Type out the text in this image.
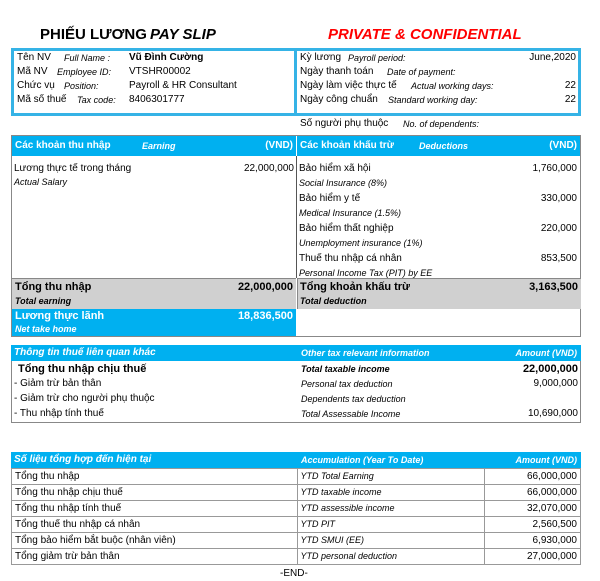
PHIẾU LƯƠNG PAY SLIP	PRIVATE & CONFIDENTIAL
Tên NV Full Name : Vũ Đình Cường
Mã NV Employee ID: VTSHR00002
Chức vụ Position:	Payroll & HR Consultant
Mã số thuế Tax code: 8406301777
Kỳ lương Payroll period:	June,2020
Ngày thanh toán Date of payment:
Ngày làm việc thực tế Actual working days:	22
Ngày công chuẩn Standard working day:	22
Số người phụ thuộc No. of dependents:
Các khoản thu nhập	Earning	(VND) Các khoản khấu trừ	Deductions	(VND)
Lương thực tế trong tháng	22,000,000
Actual Salary
Bảo hiểm xã hội	1,760,000
Social Insurance (8%)
Bảo hiểm y tế	330,000
Medical Insurance (1.5%)
Bảo hiểm thất nghiệp	220,000
Unemployment insurance (1%)
Thuế thu nhập cá nhân	853,500
Personal Income Tax (PIT) by EE
Tổng thu nhập	22,000,000
Total earning
Tổng khoản khấu trừ	3,163,500
Total deduction
Lương thực lãnh	18,836,500
Net take home
Thông tin thuế liên quan khác	Other tax relevant information	Amount (VND)
Tổng thu nhập chịu thuế	Total taxable income	22,000,000
- Giảm trừ bản thân	Personal tax deduction	9,000,000
- Giảm trừ cho người phụ thuộc	Dependents tax deduction
- Thu nhập tính thuế	Total Assessable Income	10,690,000
Số liệu tổng hợp đến hiện tại	Accumulation (Year To Date)	Amount (VND)
Tổng thu nhập	YTD Total Earning	66,000,000
Tổng thu nhập chịu thuế	YTD taxable income	66,000,000
Tổng thu nhập tính thuế	YTD assessible income	32,070,000
Tổng thuế thu nhập cá nhân	YTD PIT	2,560,500
Tổng bảo hiểm bắt buộc (nhân viên)	YTD SMUI (EE)	6,930,000
Tổng giảm trừ bản thân	YTD personal deduction	27,000,000
-END-
